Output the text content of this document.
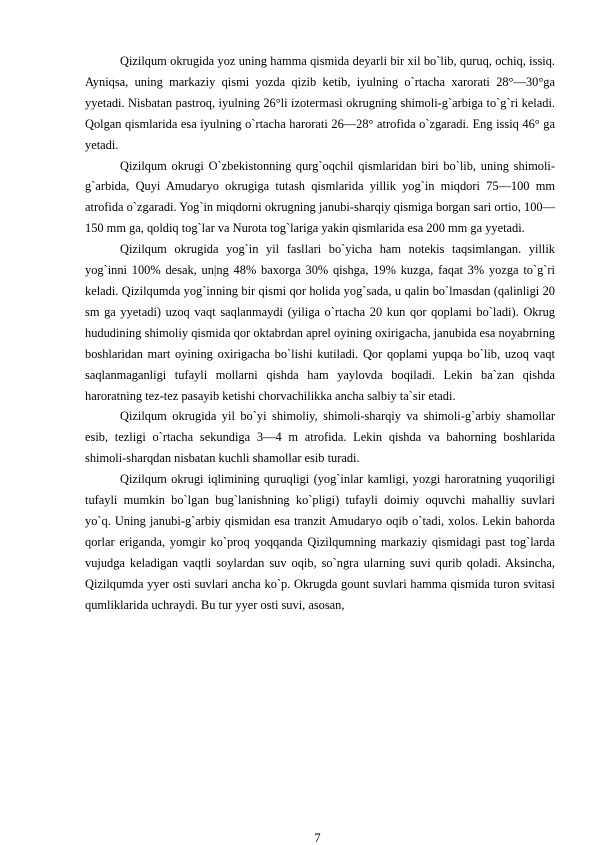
Qizilqum okrugida yoz uning hamma qismida deyarli bir xil bo`lib, quruq, ochiq, issiq. Ayniqsa, uning markaziy qismi yozda qizib ketib, iyulning o`rtacha xarorati 28°—30°ga yyetadi. Nisbatan pastroq, iyulning 26°li izotermasi okrugning shimoli-g`arbiga to`g`ri keladi. Qolgan qismlarida esa iyulning o`rtacha harorati 26—28° atrofida o`zgaradi. Eng issiq 46° ga yetadi.

Qizilqum okrugi O`zbekistonning qurg`oqchil qismlaridan biri bo`lib, uning shimoli-g`arbida, Quyi Amudaryo okrugiga tutash qismlarida yillik yog`in miqdori 75—100 mm atrofida o`zgaradi. Yog`in miqdorni okrugning janubi-sharqiy qismiga borgan sari ortio, 100—150 mm ga, qoldiq tog`lar va Nurota tog`lariga yakin qismlarida esa 200 mm ga yyetadi.

Qizilqum okrugida yog`in yil fasllari bo`yicha ham notekis taqsimlangan. yillik yog`inni 100% desak, un|ng 48% baxorga 30% qishga, 19% kuzga, faqat 3% yozga to`g`ri keladi. Qizilqumda yog`inning bir qismi qor holida yog`sada, u qalin bo`lmasdan (qalinligi 20 sm ga yyetadi) uzoq vaqt saqlanmaydi (yiliga o`rtacha 20 kun qor qoplami bo`ladi). Okrug hududining shimoliy qismida qor oktabrdan aprel oyining oxirigacha, janubida esa noyabrning boshlaridan mart oyining oxirigacha bo`lishi kutiladi. Qor qoplami yupqa bo`lib, uzoq vaqt saqlanmaganligi tufayli mollarni qishda ham yaylovda boqiladi. Lekin ba`zan qishda haroratning tez-tez pasayib ketishi chorvachilikka ancha salbiy ta`sir etadi.

Qizilqum okrugida yil bo`yi shimoliy, shimoli-sharqiy va shimoli-g`arbiy shamollar esib, tezligi o`rtacha sekundiga 3—4 m atrofida. Lekin qishda va bahorning boshlarida shimoli-sharqdan nisbatan kuchli shamollar esib turadi.

Qizilqum okrugi iqlimining quruqligi (yog`inlar kamligi, yozgi haroratning yuqoriligi tufayli mumkin bo`lgan bug`lanishning ko`pligi) tufayli doimiy oquvchi mahalliy suvlari yo`q. Uning janubi-g`arbiy qismidan esa tranzit Amudaryo oqib o`tadi, xolos. Lekin bahorda qorlar eriganda, yomgir ko`proq yoqqanda Qizilqumning markaziy qismidagi past tog`larda vujudga keladigan vaqtli soylardan suv oqib, so`ngra ularning suvi qurib qoladi. Aksincha, Qizilqumda yyer osti suvlari ancha ko`p. Okrugda gount suvlari hamma qismida turon svitasi qumliklarida uchraydi. Bu tur yyer osti suvi, asosan,

7
